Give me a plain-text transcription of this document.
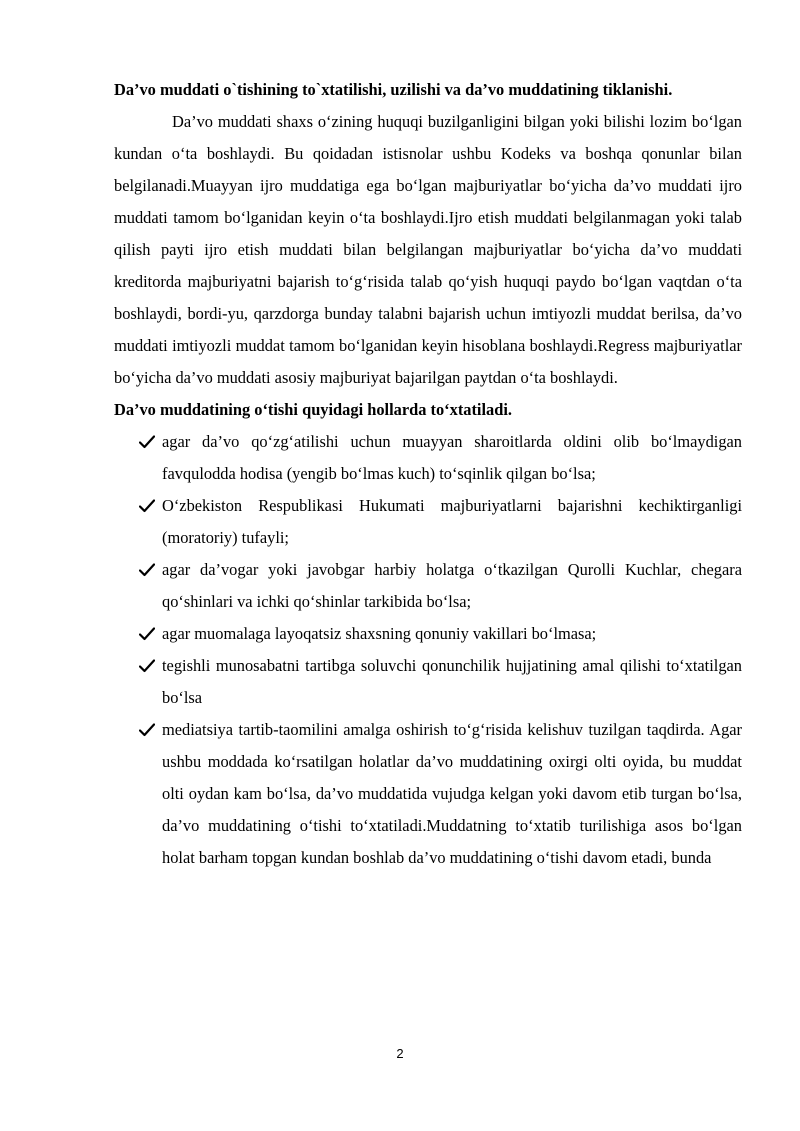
Da’vo muddati o`tishining to`xtatilishi, uzilishi va da’vo muddatining tiklanishi.

Da’vo muddati shaxs o‘zining huquqi buzilganligini bilgan yoki bilishi lozim bo‘lgan kundan o‘ta boshlaydi. Bu qoidadan istisnolar ushbu Kodeks va boshqa qonunlar bilan belgilanadi.Muayyan ijro muddatiga ega bo‘lgan majburiyatlar bo‘yicha da’vo muddati ijro muddati tamom bo‘lganidan keyin o‘ta boshlaydi.Ijro etish muddati belgilanmagan yoki talab qilish payti ijro etish muddati bilan belgilangan majburiyatlar bo‘yicha da’vo muddati kreditorda majburiyatni bajarish to‘g‘risida talab qo‘yish huquqi paydo bo‘lgan vaqtdan o‘ta boshlaydi, bordi-yu, qarzdorga bunday talabni bajarish uchun imtiyozli muddat berilsa, da’vo muddati imtiyozli muddat tamom bo‘lganidan keyin hisoblana boshlaydi.Regress majburiyatlar bo‘yicha da’vo muddati asosiy majburiyat bajarilgan paytdan o‘ta boshlaydi.

Da’vo muddatining o‘tishi quyidagi hollarda to‘xtatiladi.

agar da’vo qo‘zg‘atilishi uchun muayyan sharoitlarda oldini olib bo‘lmaydigan favqulodda hodisa (yengib bo‘lmas kuch) to‘sqinlik qilgan bo‘lsa;
O‘zbekiston Respublikasi Hukumati majburiyatlarni bajarishni kechiktirganligi (moratoriy) tufayli;
agar da’vogar yoki javobgar harbiy holatga o‘tkazilgan Qurolli Kuchlar, chegara qo‘shinlari va ichki qo‘shinlar tarkibida bo‘lsa;
agar muomalaga layoqatsiz shaxsning qonuniy vakillari bo‘lmasa;
tegishli munosabatni tartibga soluvchi qonunchilik hujjatining amal qilishi to‘xtatilgan bo‘lsa
mediatsiya tartib-taomilini amalga oshirish to‘g‘risida kelishuv tuzilgan taqdirda. Agar ushbu moddada ko‘rsatilgan holatlar da’vo muddatining oxirgi olti oyida, bu muddat olti oydan kam bo‘lsa, da’vo muddatida vujudga kelgan yoki davom etib turgan bo‘lsa, da’vo muddatining o‘tishi to‘xtatiladi.Muddatning to‘xtatib turilishiga asos bo‘lgan holat barham topgan kundan boshlab da’vo muddatining o‘tishi davom etadi, bunda
2
